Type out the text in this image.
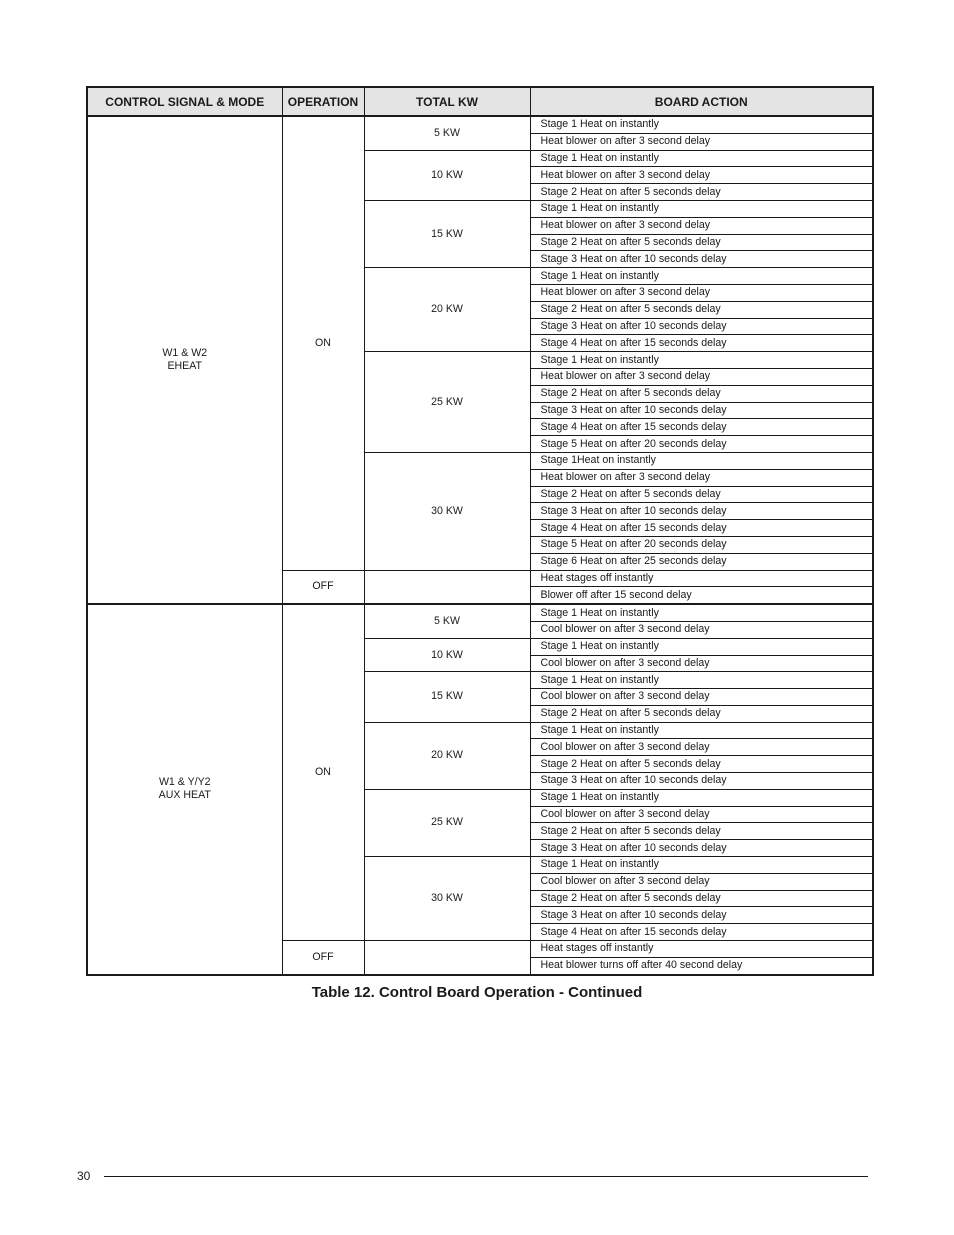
CONTROL SIGNAL & MODE	OPERATION	TOTAL KW	BOARD ACTION

W1 & W2
EHEAT	ON	5 KW	Stage 1 Heat on instantly
			Heat blower on after 3 second delay
		10 KW	Stage 1 Heat on instantly
			Heat blower on after 3 second delay
			Stage 2 Heat on after 5 seconds delay
		15 KW	Stage 1 Heat on instantly
			Heat blower on after 3 second delay
			Stage 2 Heat on after 5 seconds delay
			Stage 3 Heat on after 10 seconds delay
		20 KW	Stage 1 Heat on instantly
			Heat blower on after 3 second delay
			Stage 2 Heat on after 5 seconds delay
			Stage 3 Heat on after 10 seconds delay
			Stage 4 Heat on after 15 seconds delay
		25 KW	Stage 1 Heat on instantly
			Heat blower on after 3 second delay
			Stage 2 Heat on after 5 seconds delay
			Stage 3 Heat on after 10 seconds delay
			Stage 4 Heat on after 15 seconds delay
			Stage 5 Heat on after 20 seconds delay
		30 KW	Stage 1Heat on instantly
			Heat blower on after 3 second delay
			Stage 2 Heat on after 5 seconds delay
			Stage 3 Heat on after 10 seconds delay
			Stage 4 Heat on after 15 seconds delay
			Stage 5 Heat on after 20 seconds delay
			Stage 6 Heat on after 25 seconds delay
	OFF		Heat stages off instantly
			Blower off after 15 second delay

W1 & Y/Y2
AUX HEAT	ON	5 KW	Stage 1 Heat on instantly
			Cool blower on after 3 second delay
		10 KW	Stage 1 Heat on instantly
			Cool blower on after 3 second delay
		15 KW	Stage 1 Heat on instantly
			Cool blower on after 3 second delay
			Stage 2 Heat on after 5 seconds delay
		20 KW	Stage 1 Heat on instantly
			Cool blower on after 3 second delay
			Stage 2 Heat on after 5 seconds delay
			Stage 3 Heat on after 10 seconds delay
		25 KW	Stage 1 Heat on instantly
			Cool blower on after 3 second delay
			Stage 2 Heat on after 5 seconds delay
			Stage 3 Heat on after 10 seconds delay
		30 KW	Stage 1 Heat on instantly
			Cool blower on after 3 second delay
			Stage 2 Heat on after 5 seconds delay
			Stage 3 Heat on after 10 seconds delay
			Stage 4 Heat on after 15 seconds delay
	OFF		Heat stages off instantly
			Heat blower turns off after 40 second delay

Table 12. Control Board Operation - Continued

30
